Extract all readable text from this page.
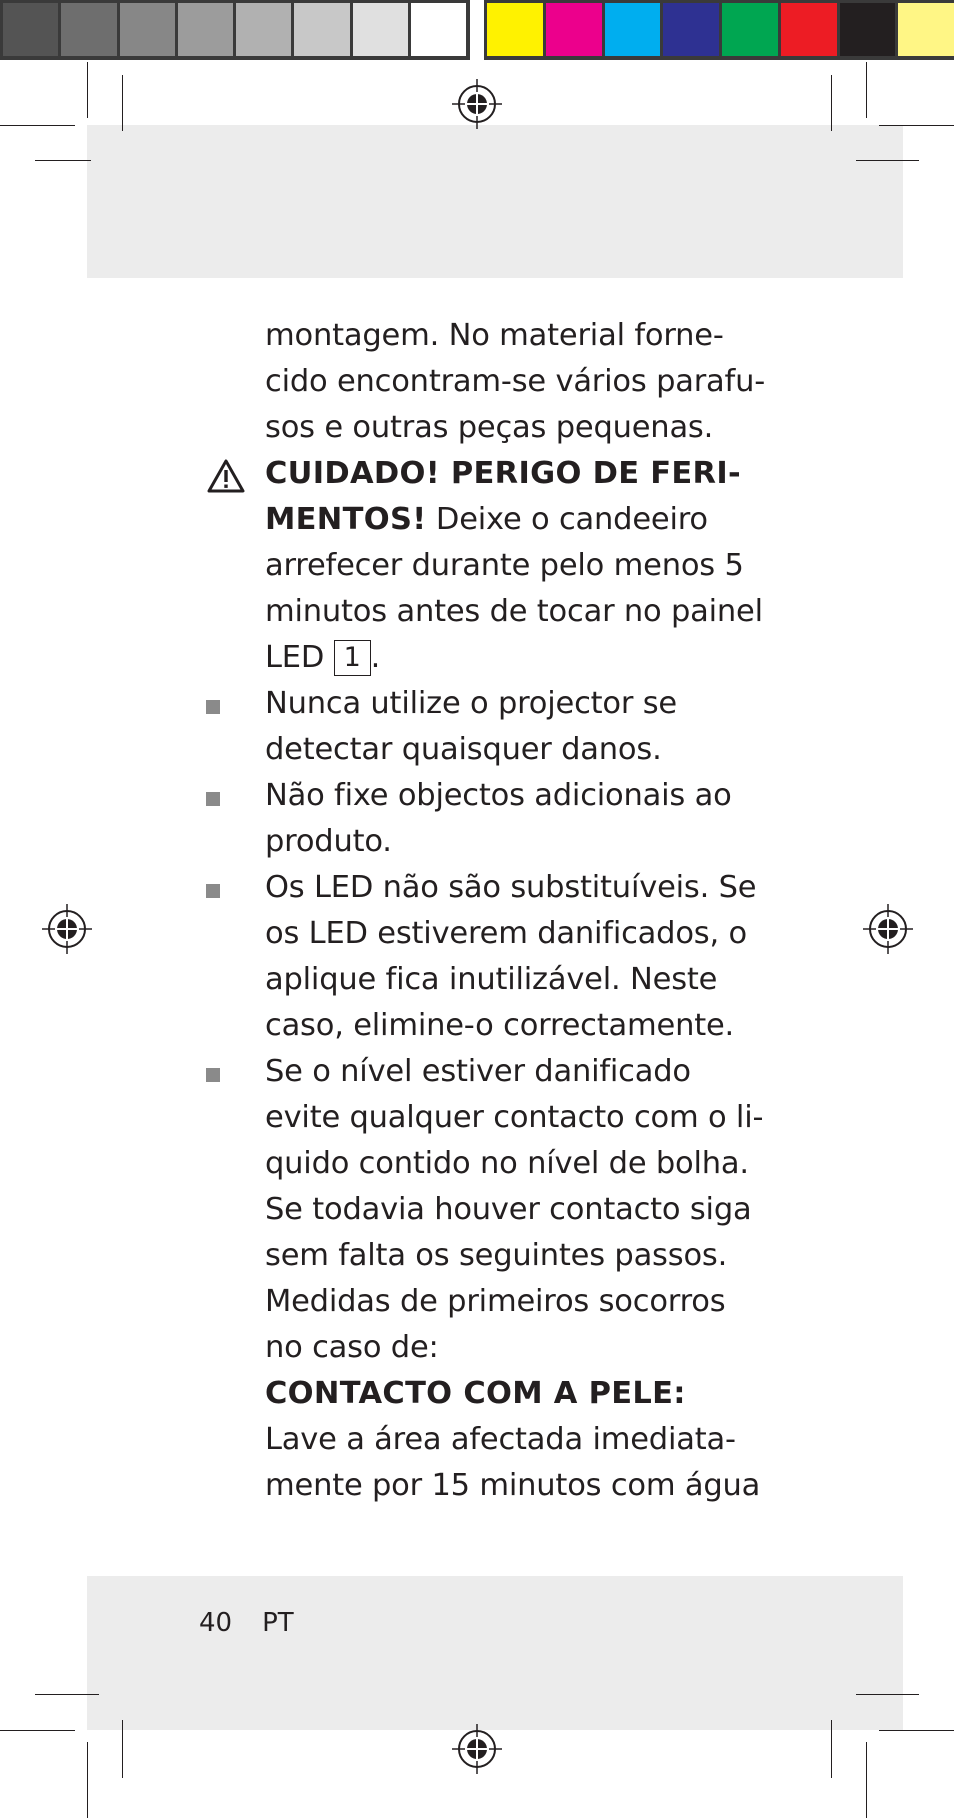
montagem. No material forne-
cido encontram-se vários parafu-
sos e outras peças pequenas.
CUIDADO! PERIGO DE FERI-
MENTOS! Deixe o candeeiro
arrefecer durante pelo menos 5
minutos antes de tocar no painel
LED 1 .
Nunca utilize o projector se
detectar quaisquer danos.
Não fixe objectos adicionais ao
produto.
Os LED não são substituíveis. Se
os LED estiverem danificados, o
aplique fica inutilizável. Neste
caso, elimine-o correctamente.
Se o nível estiver danificado
evite qualquer contacto com o li-
quido contido no nível de bolha.
Se todavia houver contacto siga
sem falta os seguintes passos.
Medidas de primeiros socorros
no caso de:
CONTACTO COM A PELE:
Lave a área afectada imediata-
mente por 15 minutos com água
40 PT
